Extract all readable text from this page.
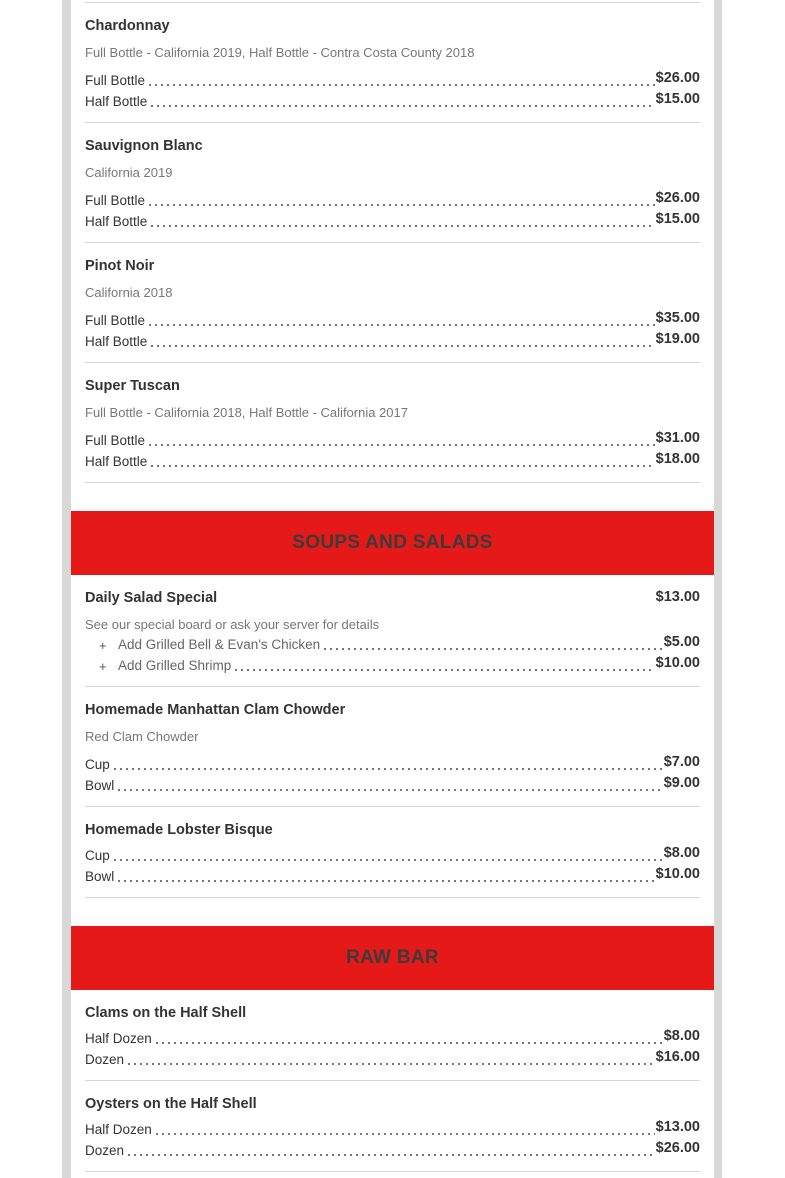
Chardonnay
Full Bottle - California 2019, Half Bottle - Contra Costa County 2018
Full Bottle	$26.00
Half Bottle	$15.00
Sauvignon Blanc
California 2019
Full Bottle	$26.00
Half Bottle	$15.00
Pinot Noir
California 2018
Full Bottle	$35.00
Half Bottle	$19.00
Super Tuscan
Full Bottle - California 2018, Half Bottle - California 2017
Full Bottle	$31.00
Half Bottle	$18.00
SOUPS AND SALADS
Daily Salad Special	$13.00
See our special board or ask your server for details
+ Add Grilled Bell & Evan's Chicken	$5.00
+ Add Grilled Shrimp	$10.00
Homemade Manhattan Clam Chowder
Red Clam Chowder
Cup	$7.00
Bowl	$9.00
Homemade Lobster Bisque
Cup	$8.00
Bowl	$10.00
RAW BAR
Clams on the Half Shell
Half Dozen	$8.00
Dozen	$16.00
Oysters on the Half Shell
Half Dozen	$13.00
Dozen	$26.00
